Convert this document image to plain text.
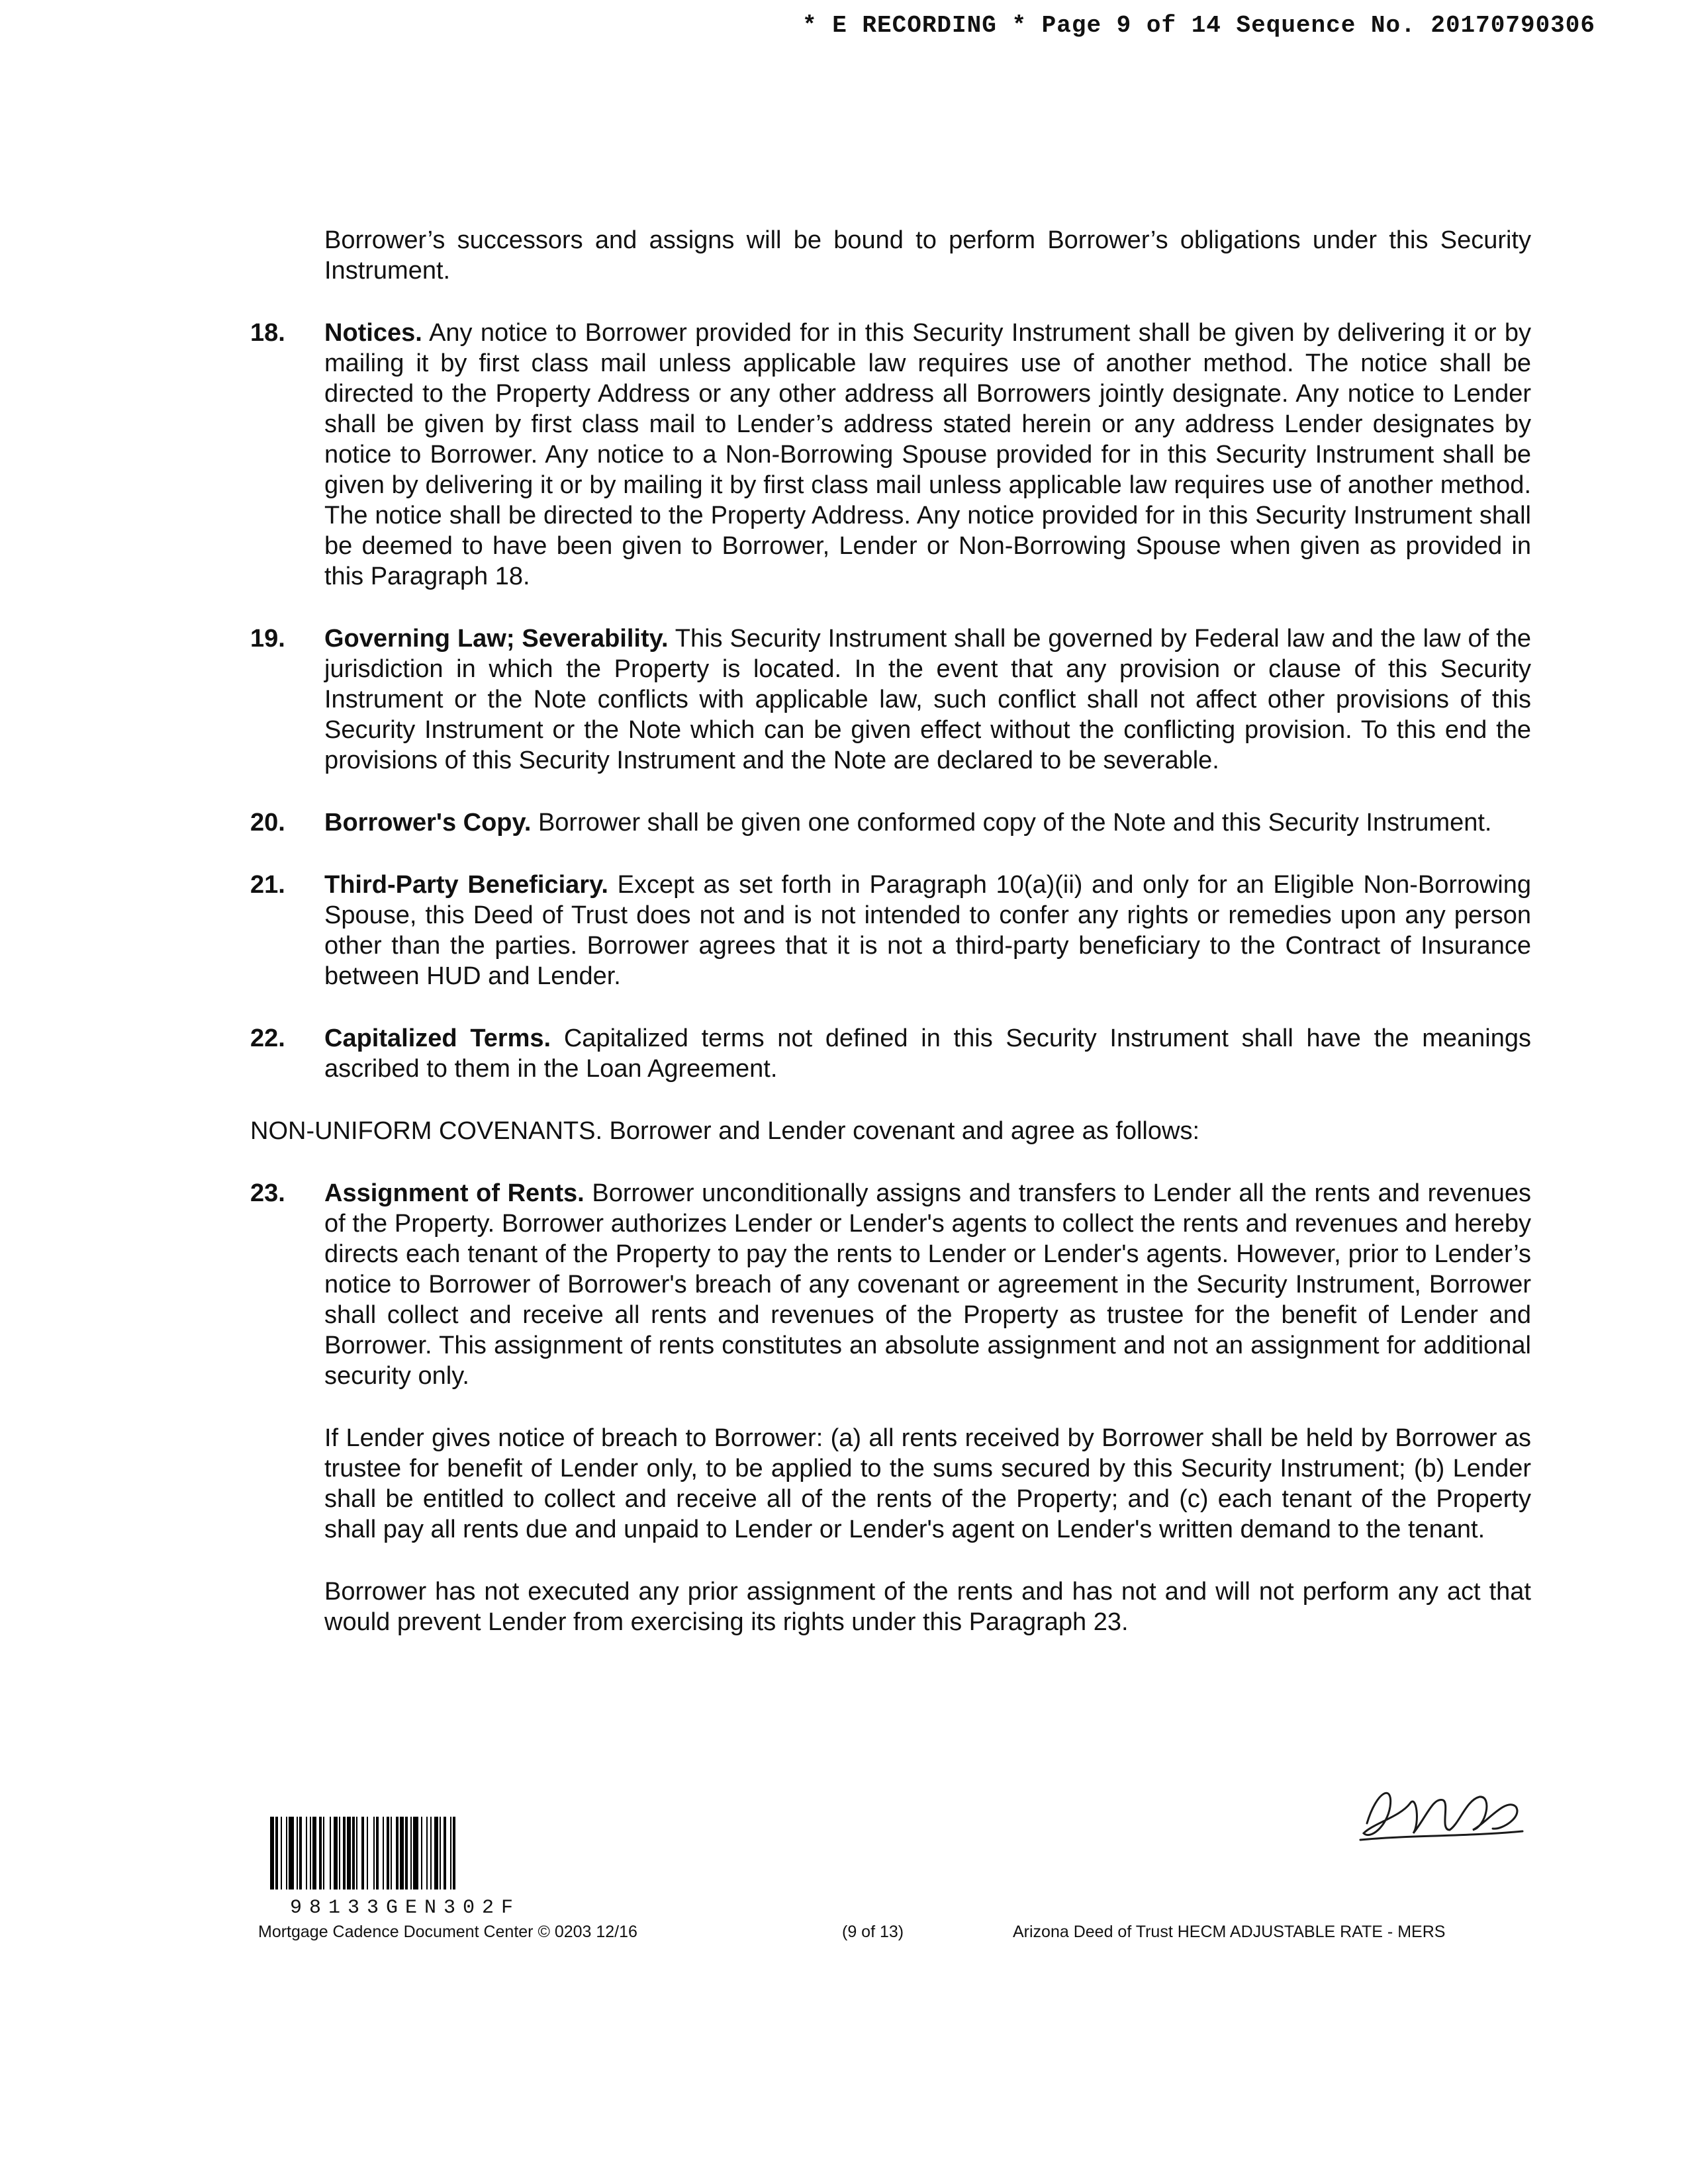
* E RECORDING * Page 9 of 14 Sequence No. 20170790306

Borrower’s successors and assigns will be bound to perform Borrower’s obligations under this Security Instrument.

18.	Notices. Any notice to Borrower provided for in this Security Instrument shall be given by delivering it or by mailing it by first class mail unless applicable law requires use of another method. The notice shall be directed to the Property Address or any other address all Borrowers jointly designate. Any notice to Lender shall be given by first class mail to Lender’s address stated herein or any address Lender designates by notice to Borrower. Any notice to a Non-Borrowing Spouse provided for in this Security Instrument shall be given by delivering it or by mailing it by first class mail unless applicable law requires use of another method. The notice shall be directed to the Property Address. Any notice provided for in this Security Instrument shall be deemed to have been given to Borrower, Lender or Non-Borrowing Spouse when given as provided in this Paragraph 18.
19.	Governing Law; Severability. This Security Instrument shall be governed by Federal law and the law of the jurisdiction in which the Property is located. In the event that any provision or clause of this Security Instrument or the Note conflicts with applicable law, such conflict shall not affect other provisions of this Security Instrument or the Note which can be given effect without the conflicting provision. To this end the provisions of this Security Instrument and the Note are declared to be severable.
20.	Borrower's Copy. Borrower shall be given one conformed copy of the Note and this Security Instrument.
21.	Third-Party Beneficiary. Except as set forth in Paragraph 10(a)(ii) and only for an Eligible Non-Borrowing Spouse, this Deed of Trust does not and is not intended to confer any rights or remedies upon any person other than the parties. Borrower agrees that it is not a third-party beneficiary to the Contract of Insurance between HUD and Lender.
22.	Capitalized Terms. Capitalized terms not defined in this Security Instrument shall have the meanings ascribed to them in the Loan Agreement.

NON-UNIFORM COVENANTS. Borrower and Lender covenant and agree as follows:

23.	Assignment of Rents. Borrower unconditionally assigns and transfers to Lender all the rents and revenues of the Property. Borrower authorizes Lender or Lender's agents to collect the rents and revenues and hereby directs each tenant of the Property to pay the rents to Lender or Lender's agents. However, prior to Lender’s notice to Borrower of Borrower's breach of any covenant or agreement in the Security Instrument, Borrower shall collect and receive all rents and revenues of the Property as trustee for the benefit of Lender and Borrower. This assignment of rents constitutes an absolute assignment and not an assignment for additional security only.

If Lender gives notice of breach to Borrower: (a) all rents received by Borrower shall be held by Borrower as trustee for benefit of Lender only, to be applied to the sums secured by this Security Instrument; (b) Lender shall be entitled to collect and receive all of the rents of the Property; and (c) each tenant of the Property shall pay all rents due and unpaid to Lender or Lender's agent on Lender's written demand to the tenant.

Borrower has not executed any prior assignment of the rents and has not and will not perform any act that would prevent Lender from exercising its rights under this Paragraph 23.

98133GEN302F
Mortgage Cadence Document Center © 0203 12/16	(9 of 13)	Arizona Deed of Trust HECM ADJUSTABLE RATE - MERS
